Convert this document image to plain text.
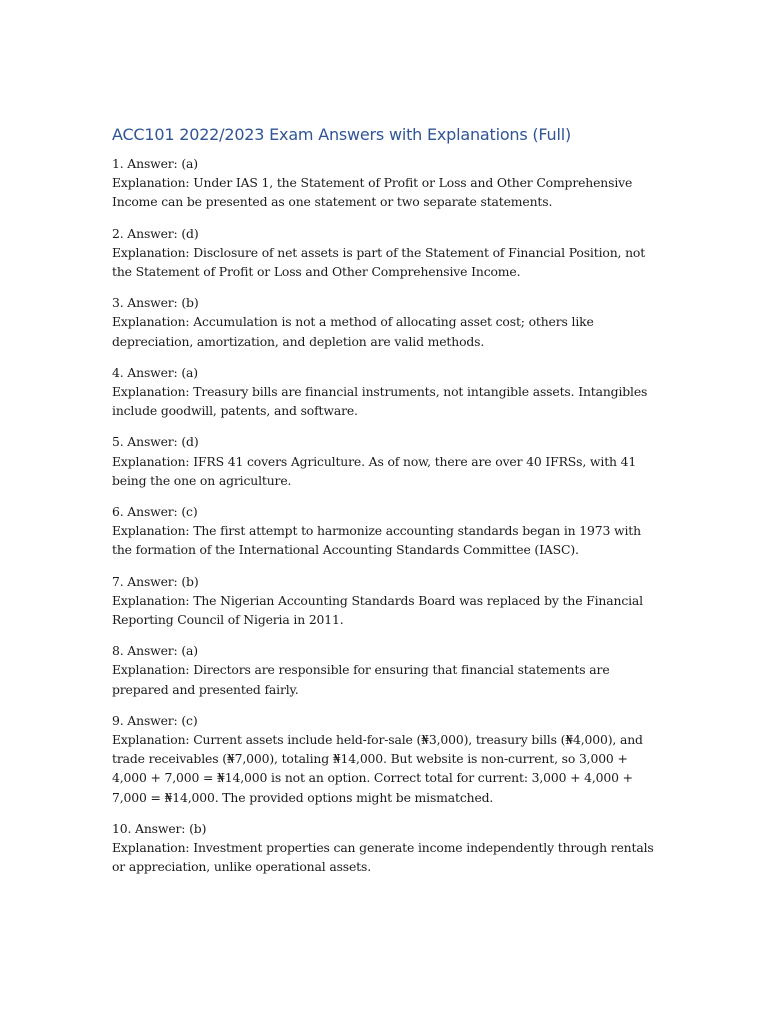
ACC101 2022/2023 Exam Answers with Explanations (Full)

1. Answer: (a)

Explanation: Under IAS 1, the Statement of Profit or Loss and Other Comprehensive Income can be presented as one statement or two separate statements.

2. Answer: (d)

Explanation: Disclosure of net assets is part of the Statement of Financial Position, not the Statement of Profit or Loss and Other Comprehensive Income.

3. Answer: (b)

Explanation: Accumulation is not a method of allocating asset cost; others like depreciation, amortization, and depletion are valid methods.

4. Answer: (a)

Explanation: Treasury bills are financial instruments, not intangible assets. Intangibles include goodwill, patents, and software.

5. Answer: (d)

Explanation: IFRS 41 covers Agriculture. As of now, there are over 40 IFRSs, with 41 being the one on agriculture.

6. Answer: (c)

Explanation: The first attempt to harmonize accounting standards began in 1973 with the formation of the International Accounting Standards Committee (IASC).

7. Answer: (b)

Explanation: The Nigerian Accounting Standards Board was replaced by the Financial Reporting Council of Nigeria in 2011.

8. Answer: (a)

Explanation: Directors are responsible for ensuring that financial statements are prepared and presented fairly.

9. Answer: (c)

Explanation: Current assets include held-for-sale (₦3,000), treasury bills (₦4,000), and trade receivables (₦7,000), totaling ₦14,000. But website is non-current, so 3,000 + 4,000 + 7,000 = ₦14,000 is not an option. Correct total for current: 3,000 + 4,000 + 7,000 = ₦14,000. The provided options might be mismatched.

10. Answer: (b)

Explanation: Investment properties can generate income independently through rentals or appreciation, unlike operational assets.
